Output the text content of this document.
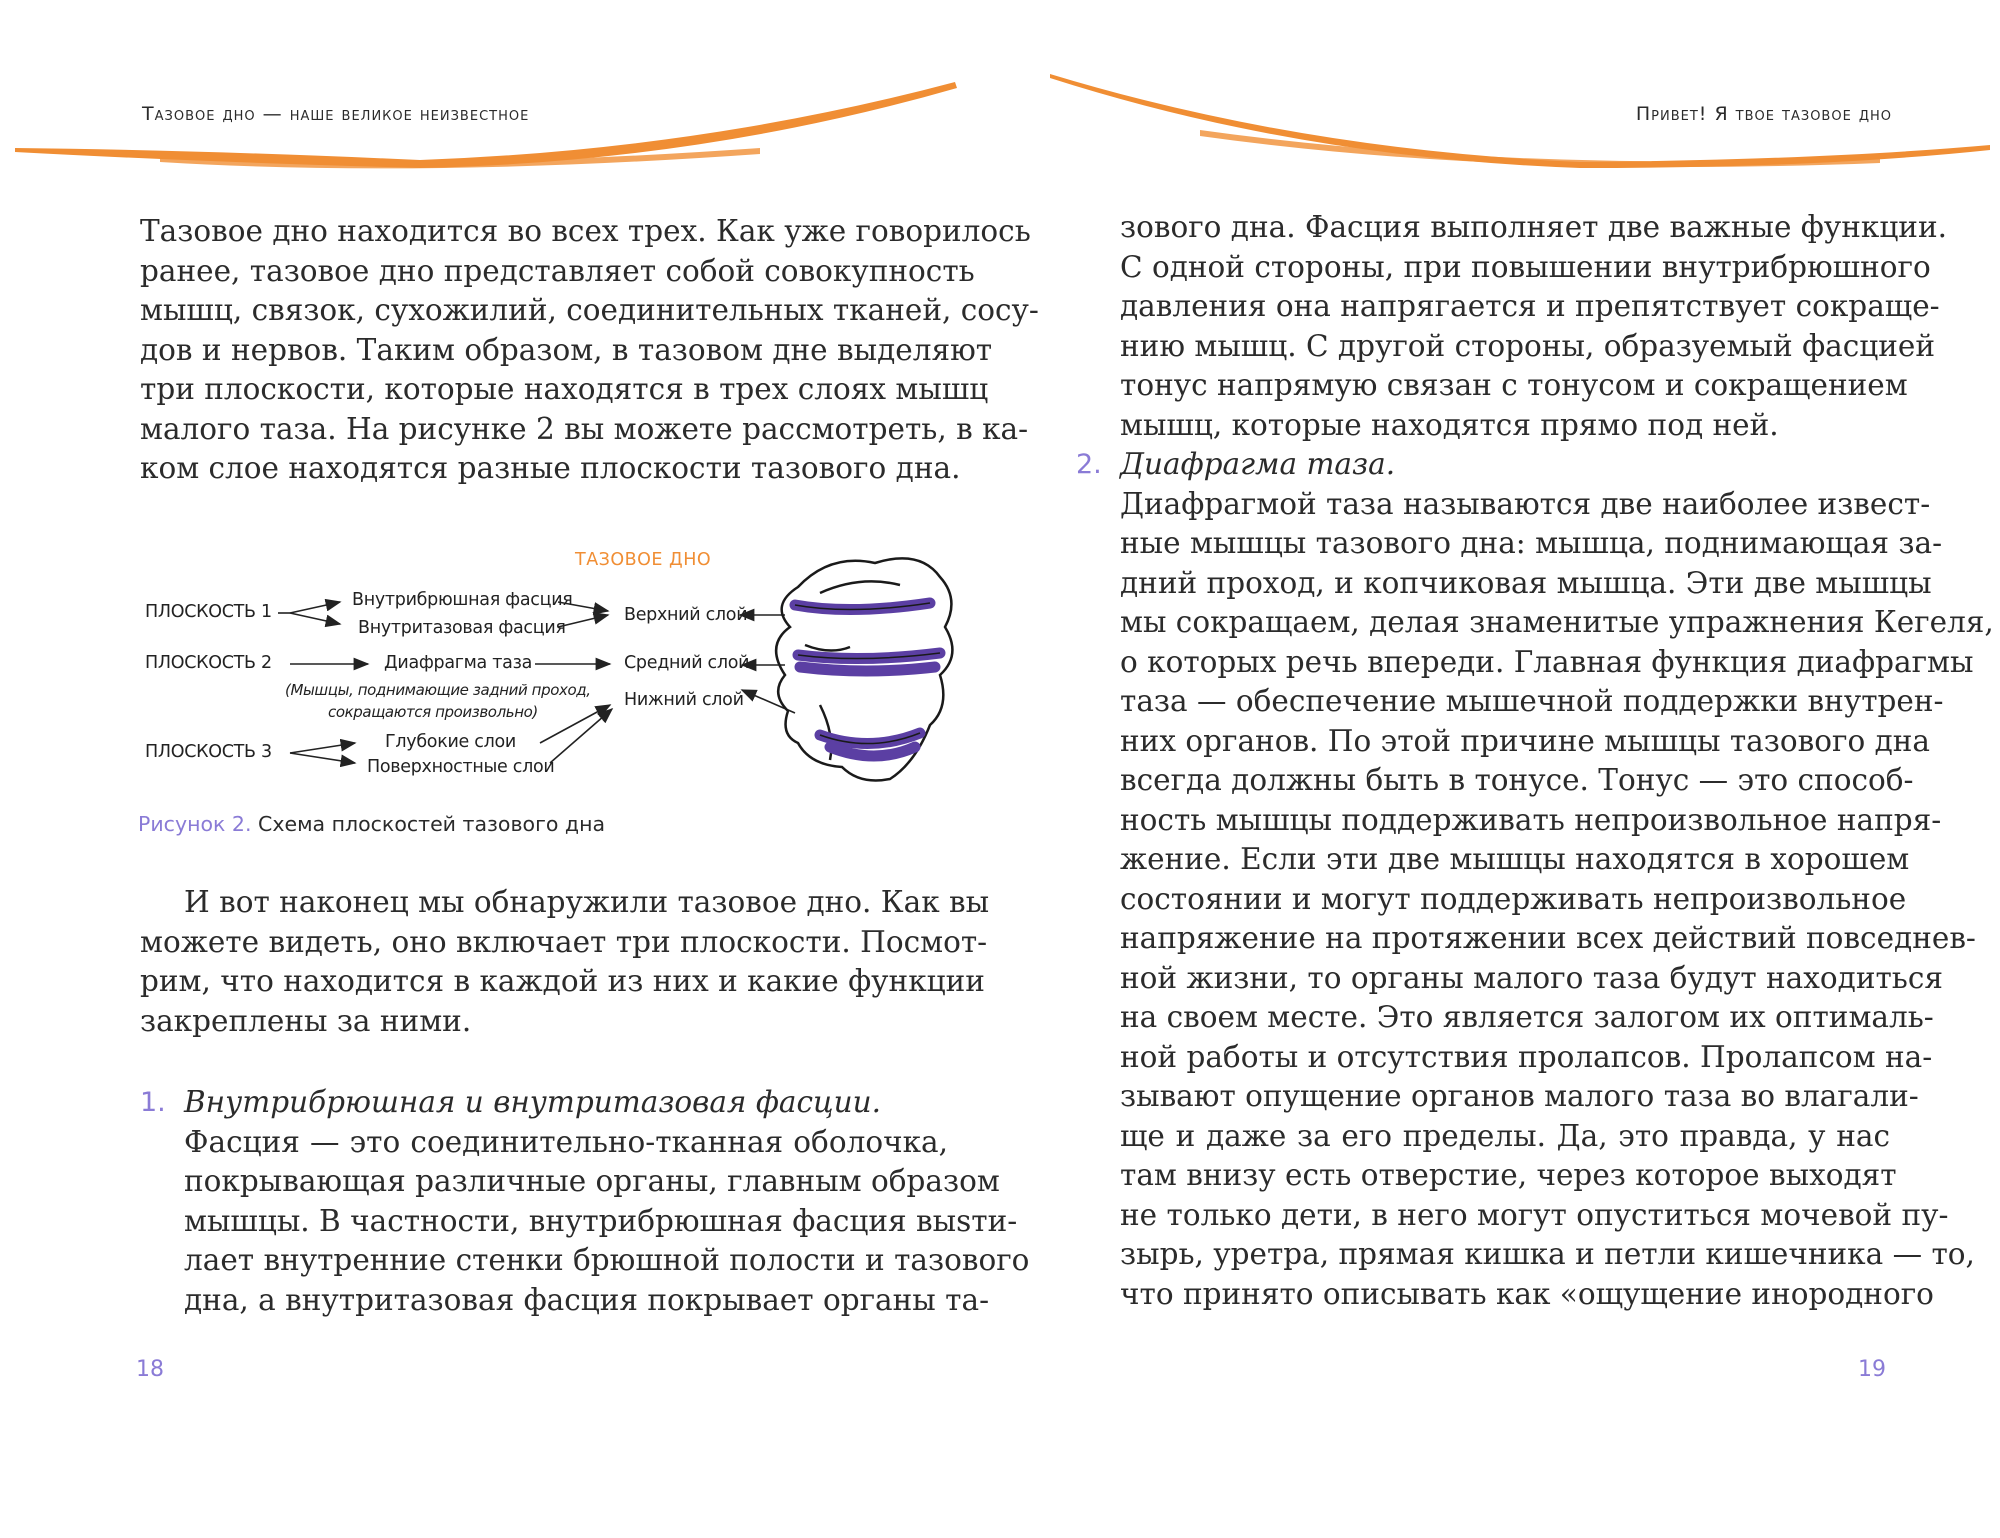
Тазовое дно — наше великое неизвестное
Тазовое дно находится во всех трех. Как уже говорилось
ранее, тазовое дно представляет собой совокупность
мышц, связок, сухожилий, соединительных тканей, сосу-
дов и нервов. Таким образом, в тазовом дне выделяют
три плоскости, которые находятся в трех слоях мышц
малого таза. На рисунке 2 вы можете рассмотреть, в ка-
ком слое находятся разные плоскости тазового дна.
ТАЗОВОЕ ДНО
ПЛОСКОСТЬ 1
ПЛОСКОСТЬ 2
ПЛОСКОСТЬ 3
Внутрибрюшная фасция
Внутритазовая фасция
Диафрагма таза
(Мышцы, поднимающие задний проход,
сокращаются произвольно)
Глубокие слои
Поверхностные слои
Верхний слой
Средний слой
Нижний слой
Рисунок 2. Схема плоскостей тазового дна
И вот наконец мы обнаружили тазовое дно. Как вы
можете видеть, оно включает три плоскости. Посмот-
рим, что находится в каждой из них и какие функции
закреплены за ними.
1. Внутрибрюшная и внутритазовая фасции.
Фасция — это соединительно-тканная оболочка,
покрывающая различные органы, главным образом
мышцы. В частности, внутрибрюшная фасция выsти-
лает внутренние стенки брюшной полости и тазового
дна, а внутритазовая фасция покрывает органы та-
18
Привет! Я твое тазовое дно
зового дна. Фасция выполняет две важные функции.
С одной стороны, при повышении внутрибрюшного
давления она напрягается и препятствует сокраще-
нию мышц. С другой стороны, образуемый фасцией
тонус напрямую связан с тонусом и сокращением
мышц, которые находятся прямо под ней.
2. Диафрагма таза.
Диафрагмой таза называются две наиболее извест-
ные мышцы тазового дна: мышца, поднимающая за-
дний проход, и копчиковая мышца. Эти две мышцы
мы сокращаем, делая знаменитые упражнения Кегеля,
о которых речь впереди. Главная функция диафрагмы
таза — обеспечение мышечной поддержки внутрен-
них органов. По этой причине мышцы тазового дна
всегда должны быть в тонусе. Тонус — это способ-
ность мышцы поддерживать непроизвольное напря-
жение. Если эти две мышцы находятся в хорошем
состоянии и могут поддерживать непроизвольное
напряжение на протяжении всех действий повседнев-
ной жизни, то органы малого таза будут находиться
на своем месте. Это является залогом их оптималь-
ной работы и отсутствия пролапсов. Пролапсом на-
зывают опущение органов малого таза во влагали-
ще и даже за его пределы. Да, это правда, у нас
там внизу есть отверстие, через которое выходят
не только дети, в него могут опуститься мочевой пу-
зырь, уретра, прямая кишка и петли кишечника — то,
что принято описывать как «ощущение инородного
19
